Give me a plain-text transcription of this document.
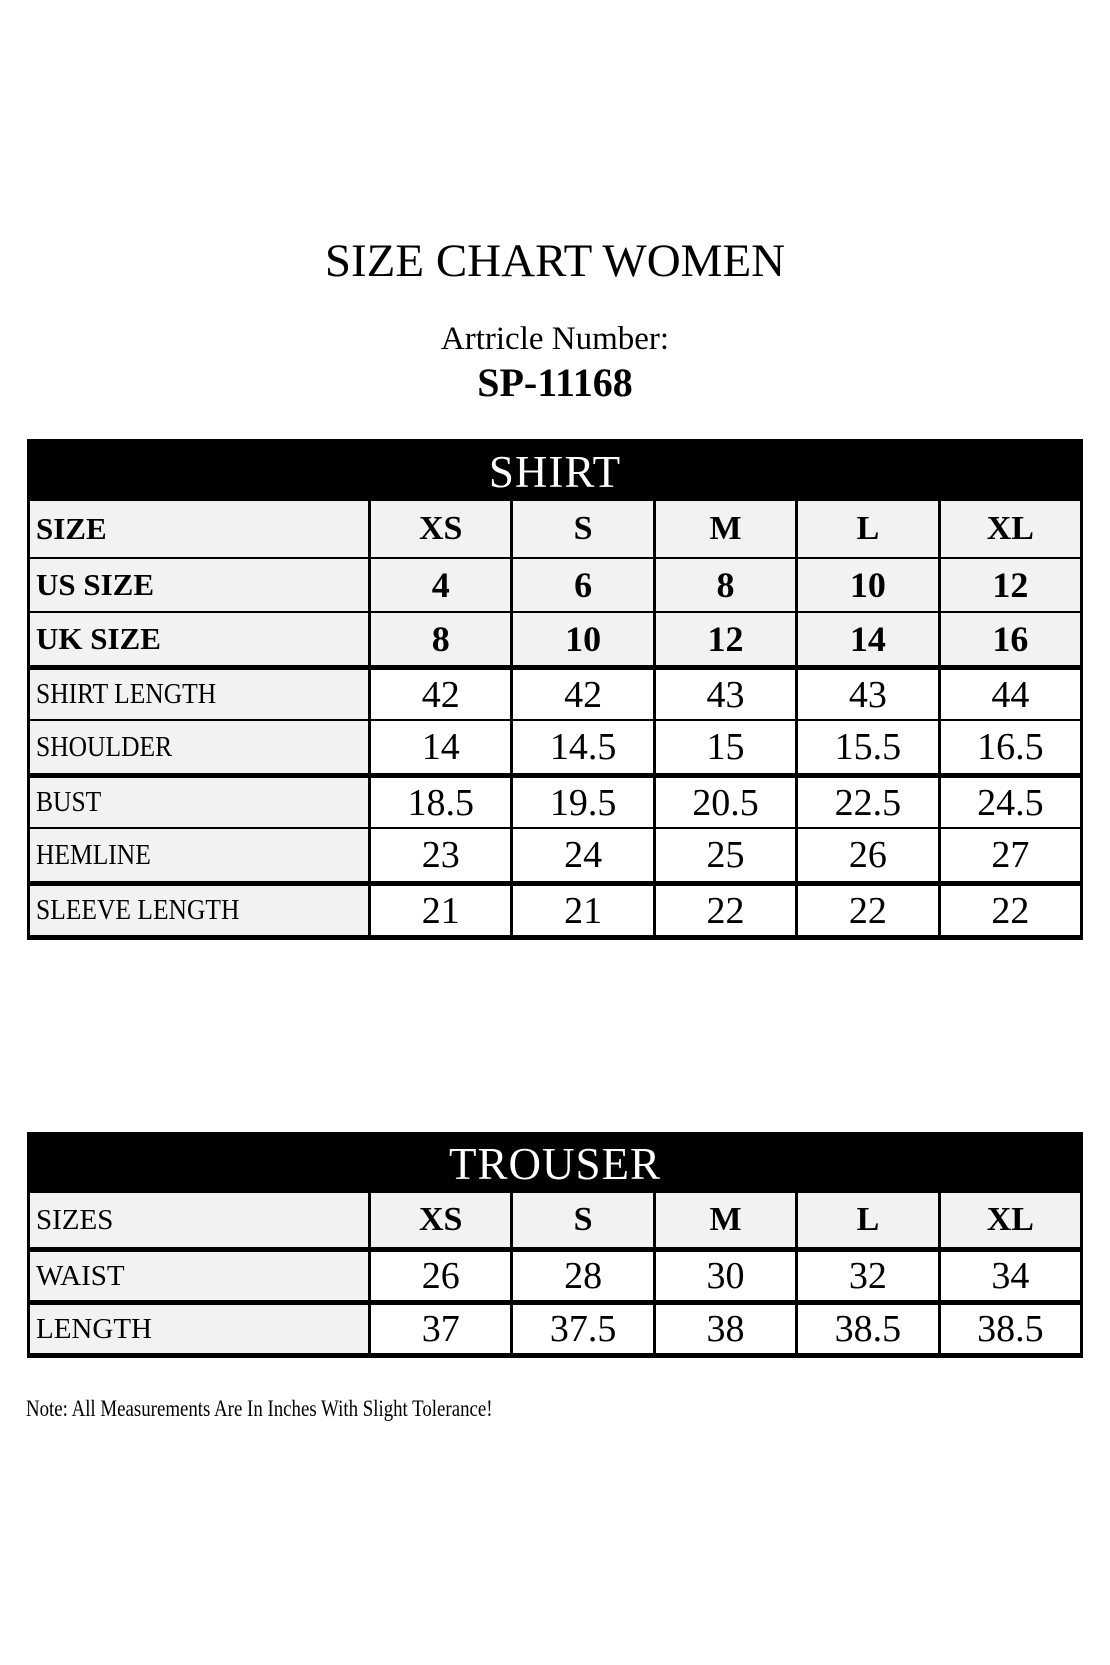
SIZE CHART WOMEN
Artricle Number:
SP-11168
SHIRT
SIZE	XS	S	M	L	XL
US SIZE	4	6	8	10	12
UK SIZE	8	10	12	14	16
SHIRT LENGTH	42	42	43	43	44
SHOULDER	14 14.5 15 15.5 16.5
BUST	18.5 19.5 20.5 22.5 24.5
HEMLINE	23	24	25	26	27
SLEEVE LENGTH	21	21	22	22	22
TROUSER
SIZES	XS	S	M	L	XL
WAIST	26	28	30	32	34
LENGTH	37 37.5 38 38.5 38.5
Note: All Measurements Are In Inches With Slight Tolerance!
